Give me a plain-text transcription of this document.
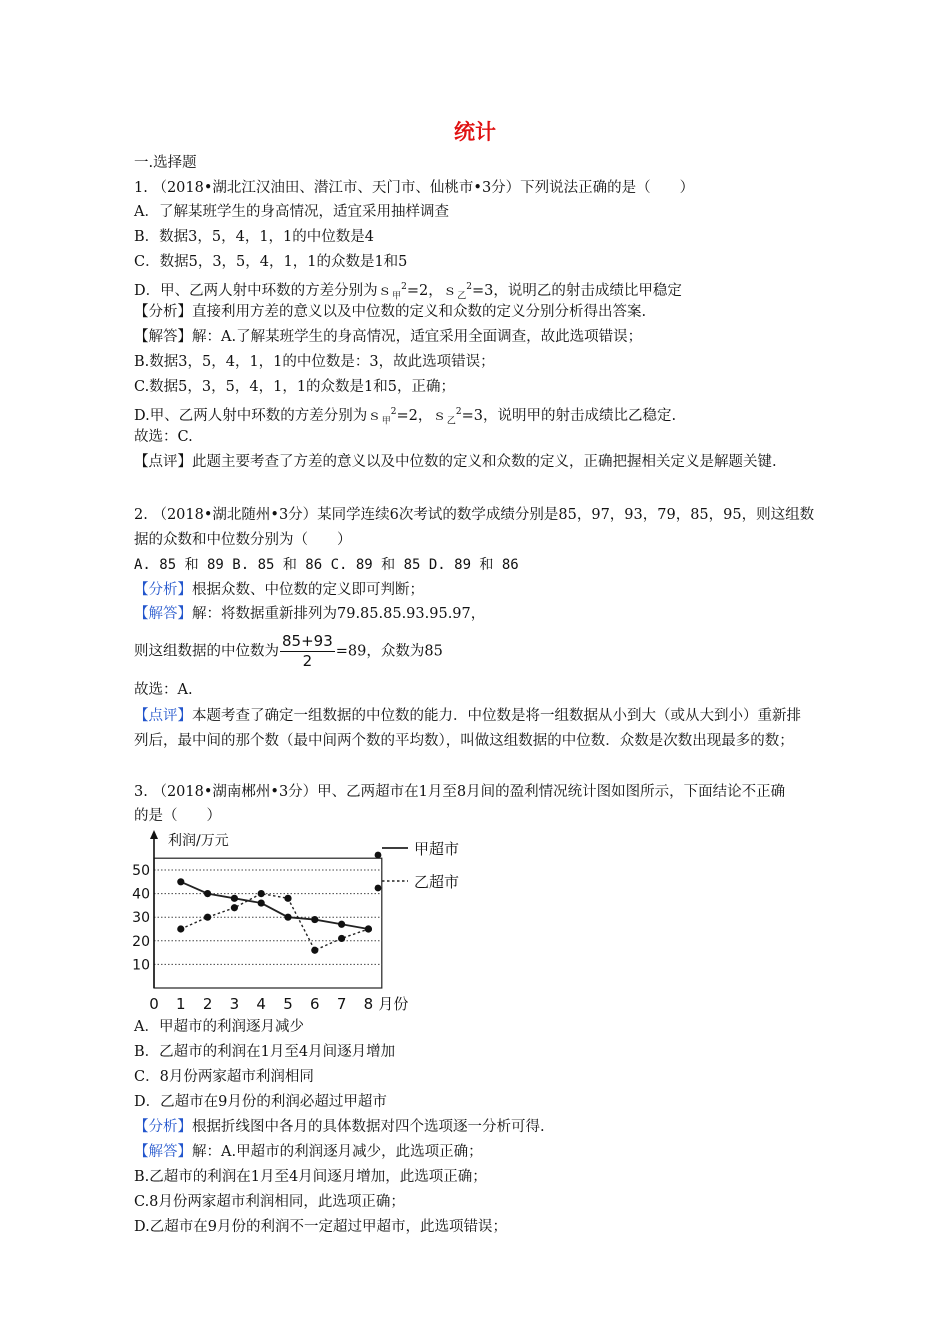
统计
一.选择题
1. （2018•湖北江汉油田、潜江市、天门市、仙桃市•3分）下列说法正确的是（　　）
A．了解某班学生的身高情况，适宜采用抽样调查
B．数据3，5，4，1，1的中位数是4
C．数据5，3，5，4，1，1的众数是1和5
D．甲、乙两人射中环数的方差分别为ｓ$_甲^2$=2，ｓ$_乙^2$=3，说明乙的射击成绩比甲稳定
【分析】直接利用方差的意义以及中位数的定义和众数的定义分别分析得出答案.
【解答】解：A.了解某班学生的身高情况，适宜采用全面调查，故此选项错误；
B.数据3，5，4，1，1的中位数是：3，故此选项错误；
C.数据5，3，5，4，1，1的众数是1和5，正确；
D.甲、乙两人射中环数的方差分别为ｓ$_甲^2$=2，ｓ$_乙^2$=3，说明甲的射击成绩比乙稳定.
故选：C.
【点评】此题主要考查了方差的意义以及中位数的定义和众数的定义，正确把握相关定义是解题关键.
2. （2018•湖北随州•3分）某同学连续6次考试的数学成绩分别是85，97，93，79，85，95，则这组数
据的众数和中位数分别为（　　）
A. 85 和 89 B. 85 和 86 C. 89 和 85 D. 89 和 86
【分析】根据众数、中位数的定义即可判断；
【解答】解：将数据重新排列为79.85.85.93.95.97，
则这组数据的中位数为 $\frac{85+93}{2} =89$，众数为85
故选：A.
【点评】本题考查了确定一组数据的中位数的能力．中位数是将一组数据从小到大（或从大到小）重新排
列后，最中间的那个数（最中间两个数的平均数），叫做这组数据的中位数．众数是次数出现最多的数；
3. （2018•湖南郴州•3分）甲、乙两超市在1月至8月间的盈利情况统计图如图所示，下面结论不正确
的是（　　）
10
20
30
40
50
0 1 2 3 4 5 6 7 8
利润/万元
月份
甲超市
乙超市
A．甲超市的利润逐月减少
B．乙超市的利润在1月至4月间逐月增加
C．8月份两家超市利润相同
D．乙超市在9月份的利润必超过甲超市
【分析】根据折线图中各月的具体数据对四个选项逐一分析可得.
【解答】解：A.甲超市的利润逐月减少，此选项正确；
B.乙超市的利润在1月至4月间逐月增加，此选项正确；
C.8月份两家超市利润相同，此选项正确；
D.乙超市在9月份的利润不一定超过甲超市，此选项错误；
